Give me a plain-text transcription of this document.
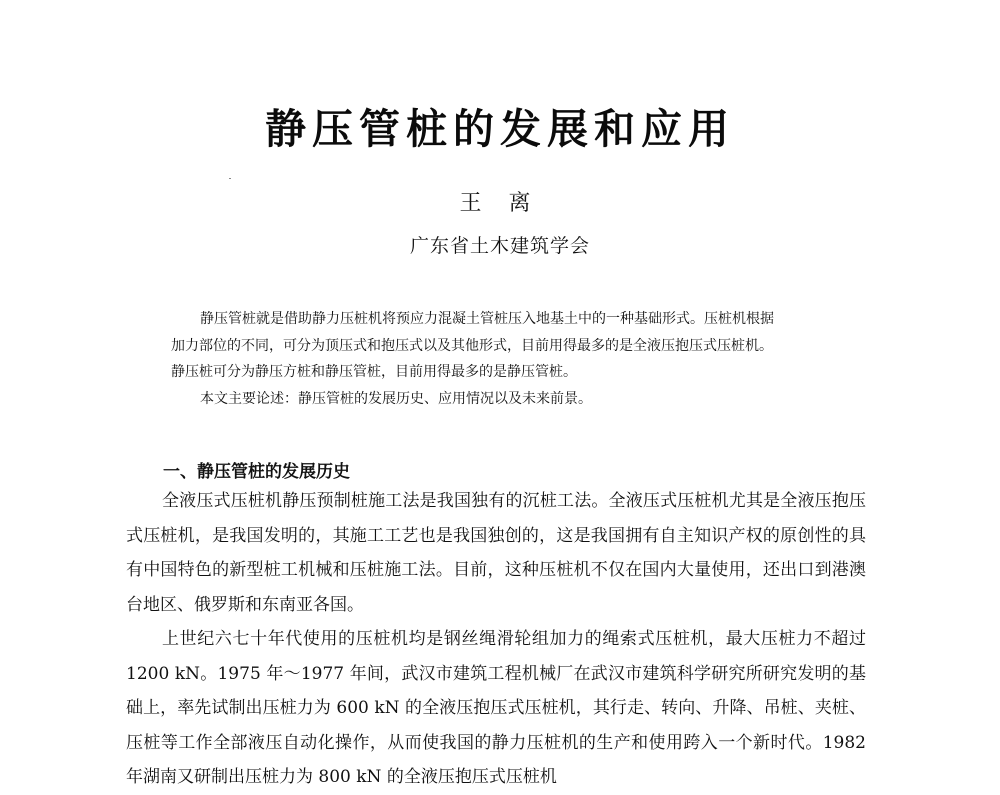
静压管桩的发展和应用
王 离
广东省土木建筑学会

静压管桩就是借助静力压桩机将预应力混凝土管桩压入地基土中的一种基础形式。压桩机根据

加力部位的不同，可分为顶压式和抱压式以及其他形式，目前用得最多的是全液压抱压式压桩机。

静压桩可分为静压方桩和静压管桩，目前用得最多的是静压管桩。

本文主要论述：静压管桩的发展历史、应用情况以及未来前景。

一、静压管桩的发展历史

全液压式压桩机静压预制桩施工法是我国独有的沉桩工法。全液压式压桩机尤其是全液压抱压式压桩机，是我国发明的，其施工工艺也是我国独创的，这是我国拥有自主知识产权的原创性的具有中国特色的新型桩工机械和压桩施工法。目前，这种压桩机不仅在国内大量使用，还出口到港澳台地区、俄罗斯和东南亚各国。

上世纪六七十年代使用的压桩机均是钢丝绳滑轮组加力的绳索式压桩机，最大压桩力不超过1200 kN。1975 年～1977 年间，武汉市建筑工程机械厂在武汉市建筑科学研究所研究发明的基础上，率先试制出压桩力为 600 kN 的全液压抱压式压桩机，其行走、转向、升降、吊桩、夹桩、压桩等工作全部液压自动化操作，从而使我国的静力压桩机的生产和使用跨入一个新时代。1982 年湖南又研制出压桩力为 800 kN 的全液压抱压式压桩机
